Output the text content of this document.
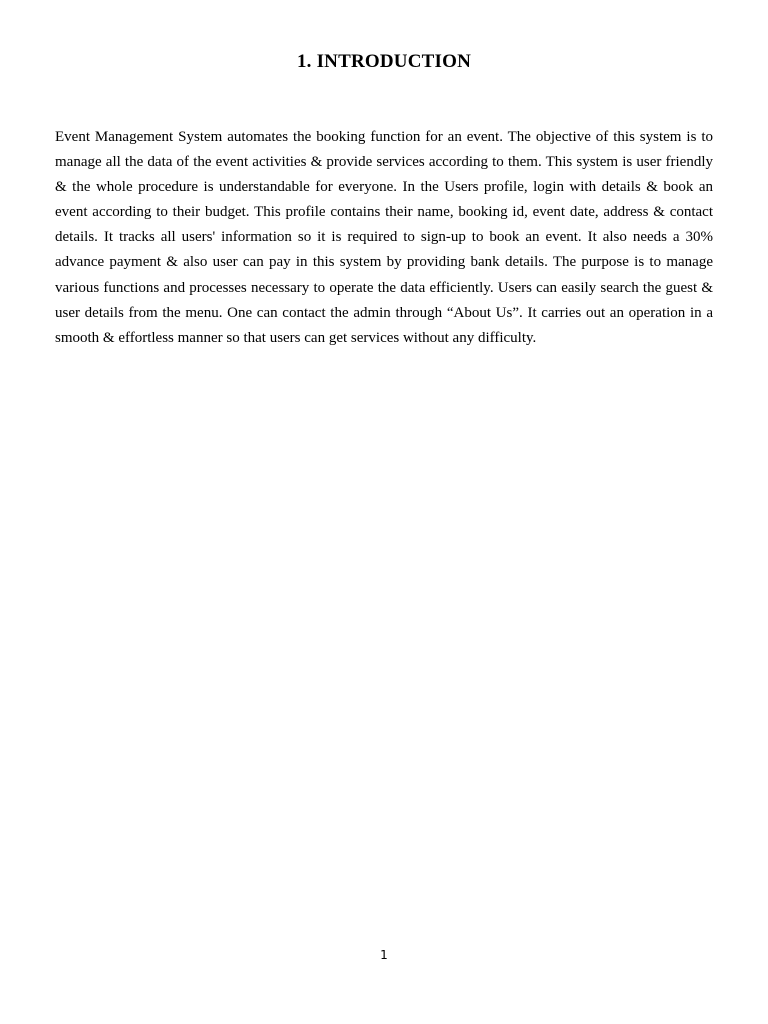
1. INTRODUCTION

Event Management System automates the booking function for an event. The objective of this system is to manage all the data of the event activities & provide services according to them. This system is user friendly & the whole procedure is understandable for everyone. In the Users profile, login with details & book an event according to their budget. This profile contains their name, booking id, event date, address & contact details. It tracks all users' information so it is required to sign-up to book an event. It also needs a 30% advance payment & also user can pay in this system by providing bank details. The purpose is to manage various functions and processes necessary to operate the data efficiently. Users can easily search the guest & user details from the menu. One can contact the admin through “About Us”. It carries out an operation in a smooth & effortless manner so that users can get services without any difficulty.

1
